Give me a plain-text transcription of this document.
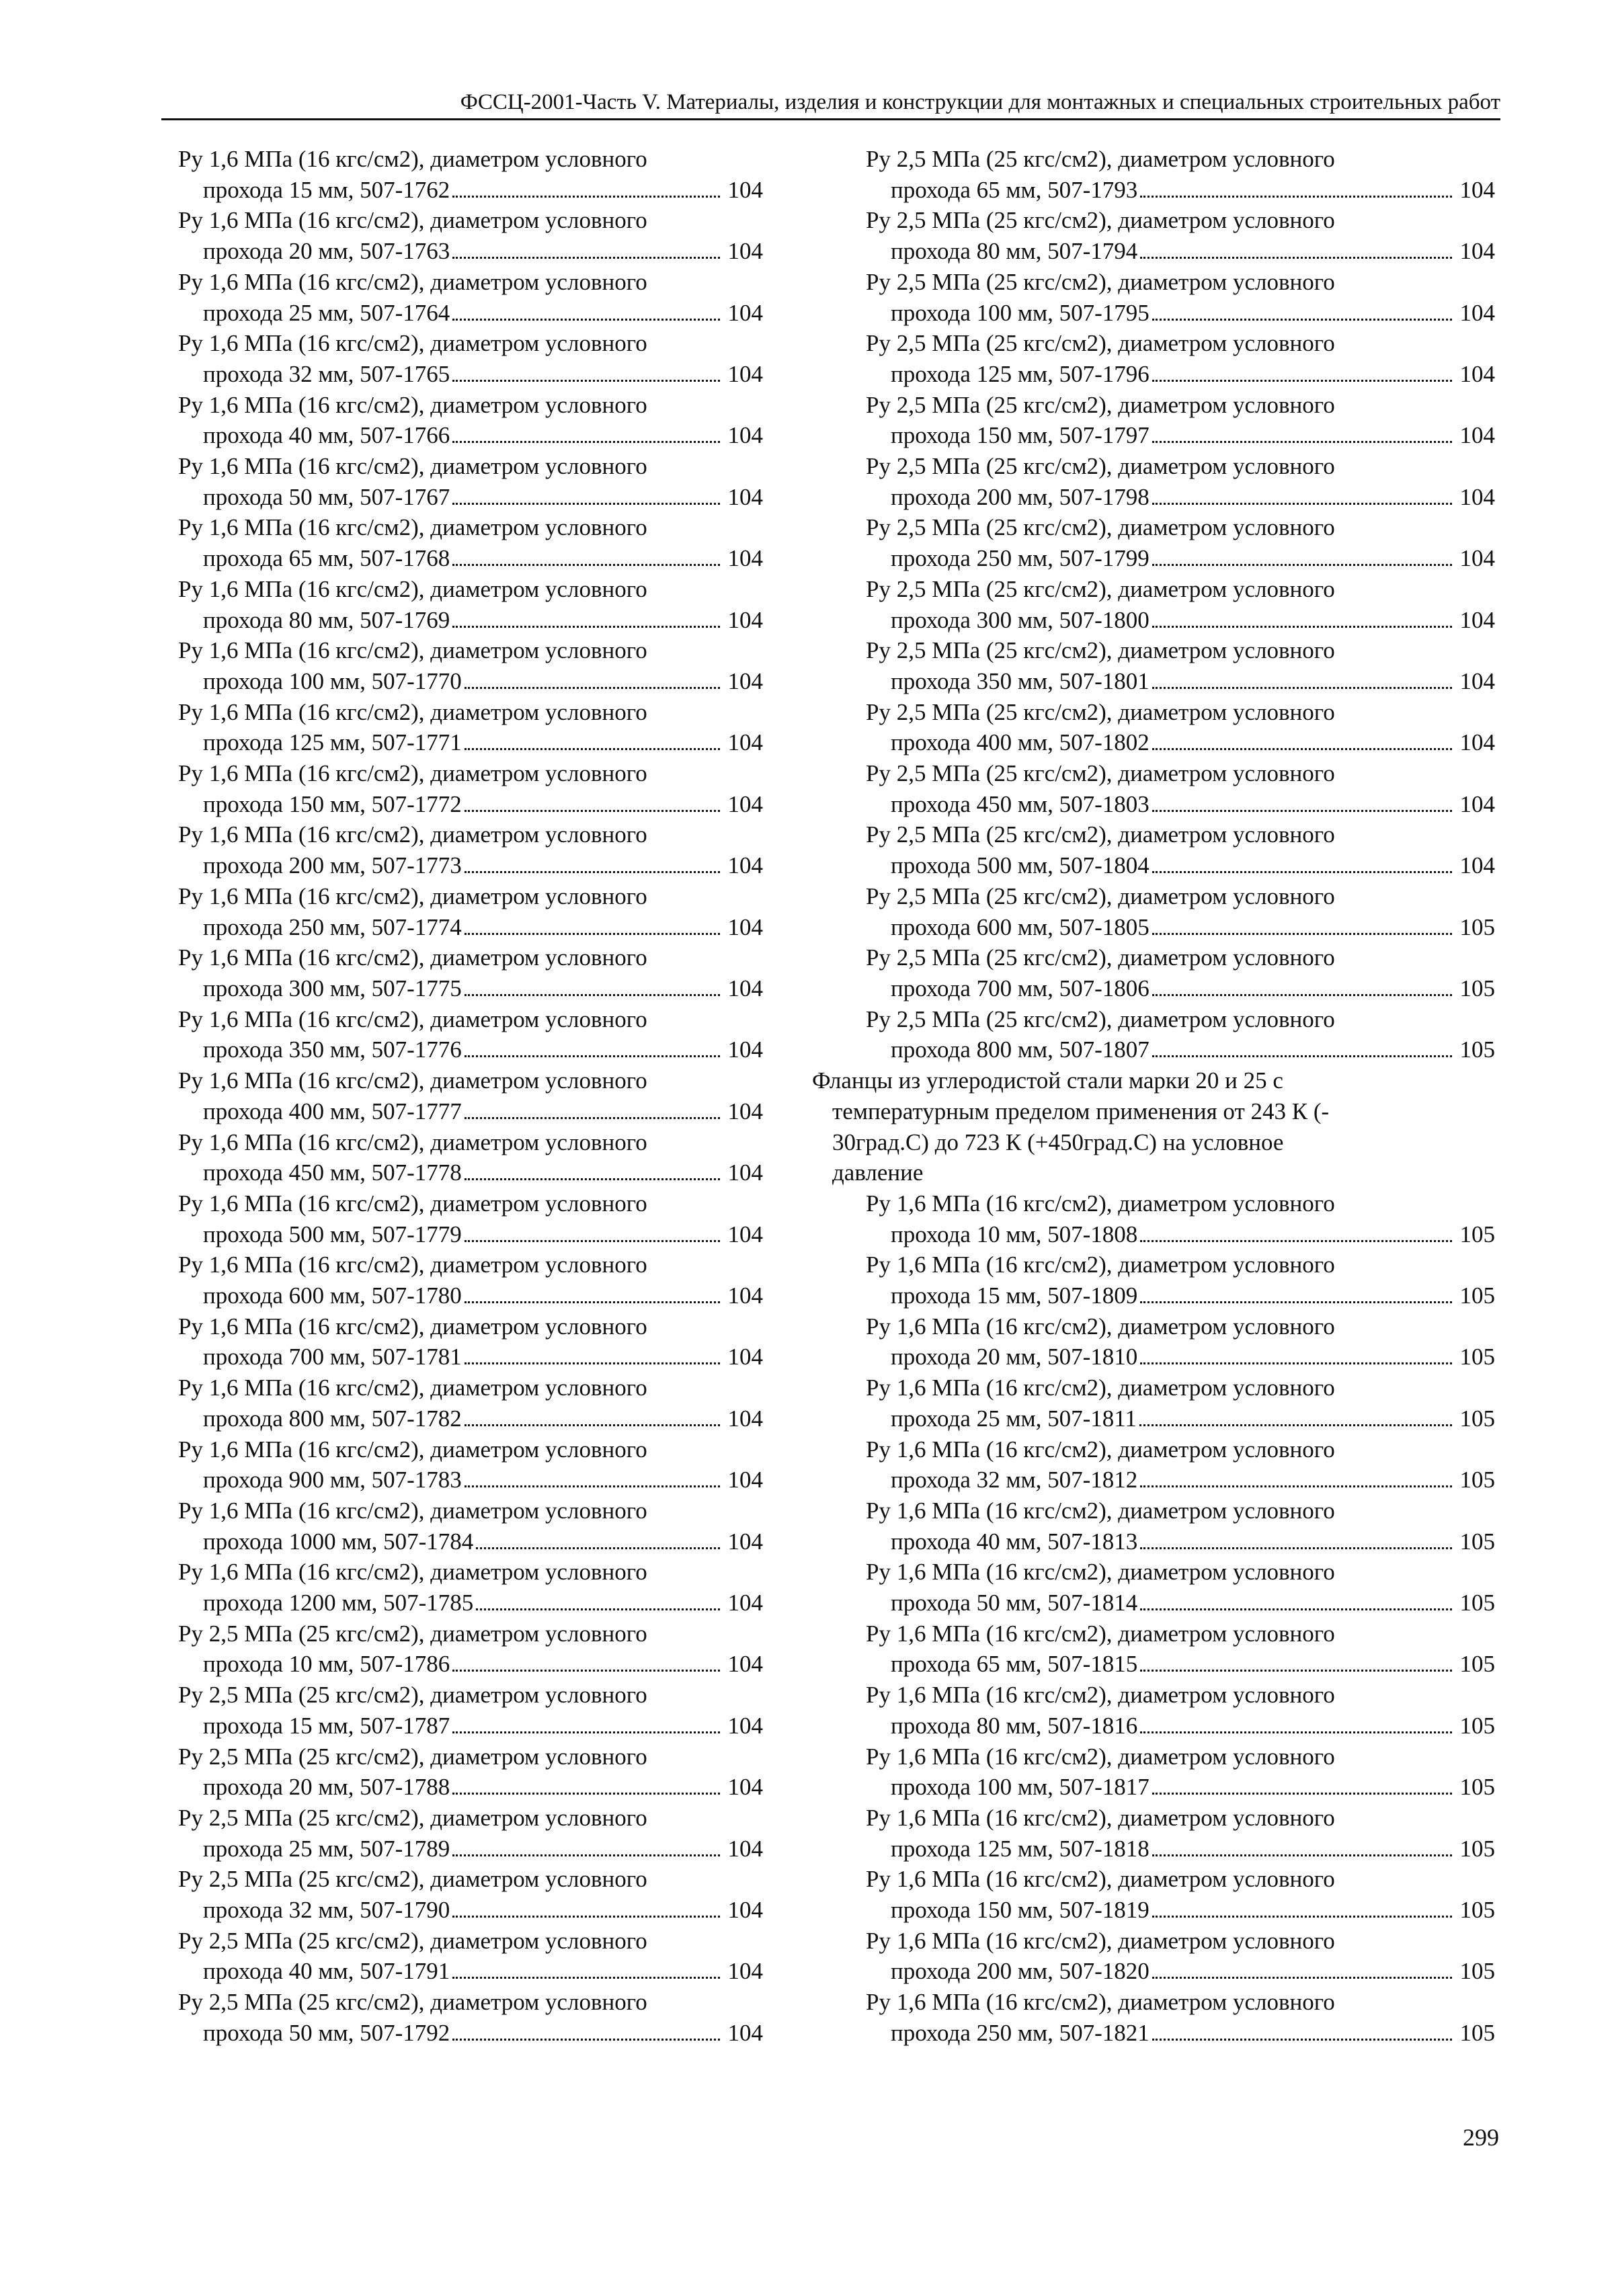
ФССЦ-2001-Часть V. Материалы, изделия и конструкции для монтажных и специальных строительных работ
Ру 1,6 МПа (16 кгс/см2), диаметром условного
прохода 15 мм, 507-1762	104
Ру 1,6 МПа (16 кгс/см2), диаметром условного
прохода 20 мм, 507-1763	104
Ру 1,6 МПа (16 кгс/см2), диаметром условного
прохода 25 мм, 507-1764	104
Ру 1,6 МПа (16 кгс/см2), диаметром условного
прохода 32 мм, 507-1765	104
Ру 1,6 МПа (16 кгс/см2), диаметром условного
прохода 40 мм, 507-1766	104
Ру 1,6 МПа (16 кгс/см2), диаметром условного
прохода 50 мм, 507-1767	104
Ру 1,6 МПа (16 кгс/см2), диаметром условного
прохода 65 мм, 507-1768	104
Ру 1,6 МПа (16 кгс/см2), диаметром условного
прохода 80 мм, 507-1769	104
Ру 1,6 МПа (16 кгс/см2), диаметром условного
прохода 100 мм, 507-1770	104
Ру 1,6 МПа (16 кгс/см2), диаметром условного
прохода 125 мм, 507-1771	104
Ру 1,6 МПа (16 кгс/см2), диаметром условного
прохода 150 мм, 507-1772	104
Ру 1,6 МПа (16 кгс/см2), диаметром условного
прохода 200 мм, 507-1773	104
Ру 1,6 МПа (16 кгс/см2), диаметром условного
прохода 250 мм, 507-1774	104
Ру 1,6 МПа (16 кгс/см2), диаметром условного
прохода 300 мм, 507-1775	104
Ру 1,6 МПа (16 кгс/см2), диаметром условного
прохода 350 мм, 507-1776	104
Ру 1,6 МПа (16 кгс/см2), диаметром условного
прохода 400 мм, 507-1777	104
Ру 1,6 МПа (16 кгс/см2), диаметром условного
прохода 450 мм, 507-1778	104
Ру 1,6 МПа (16 кгс/см2), диаметром условного
прохода 500 мм, 507-1779	104
Ру 1,6 МПа (16 кгс/см2), диаметром условного
прохода 600 мм, 507-1780	104
Ру 1,6 МПа (16 кгс/см2), диаметром условного
прохода 700 мм, 507-1781	104
Ру 1,6 МПа (16 кгс/см2), диаметром условного
прохода 800 мм, 507-1782	104
Ру 1,6 МПа (16 кгс/см2), диаметром условного
прохода 900 мм, 507-1783	104
Ру 1,6 МПа (16 кгс/см2), диаметром условного
прохода 1000 мм, 507-1784	104
Ру 1,6 МПа (16 кгс/см2), диаметром условного
прохода 1200 мм, 507-1785	104
Ру 2,5 МПа (25 кгс/см2), диаметром условного
прохода 10 мм, 507-1786	104
Ру 2,5 МПа (25 кгс/см2), диаметром условного
прохода 15 мм, 507-1787	104
Ру 2,5 МПа (25 кгс/см2), диаметром условного
прохода 20 мм, 507-1788	104
Ру 2,5 МПа (25 кгс/см2), диаметром условного
прохода 25 мм, 507-1789	104
Ру 2,5 МПа (25 кгс/см2), диаметром условного
прохода 32 мм, 507-1790	104
Ру 2,5 МПа (25 кгс/см2), диаметром условного
прохода 40 мм, 507-1791	104
Ру 2,5 МПа (25 кгс/см2), диаметром условного
прохода 50 мм, 507-1792	104
Ру 2,5 МПа (25 кгс/см2), диаметром условного
прохода 65 мм, 507-1793	104
Ру 2,5 МПа (25 кгс/см2), диаметром условного
прохода 80 мм, 507-1794	104
Ру 2,5 МПа (25 кгс/см2), диаметром условного
прохода 100 мм, 507-1795	104
Ру 2,5 МПа (25 кгс/см2), диаметром условного
прохода 125 мм, 507-1796	104
Ру 2,5 МПа (25 кгс/см2), диаметром условного
прохода 150 мм, 507-1797	104
Ру 2,5 МПа (25 кгс/см2), диаметром условного
прохода 200 мм, 507-1798	104
Ру 2,5 МПа (25 кгс/см2), диаметром условного
прохода 250 мм, 507-1799	104
Ру 2,5 МПа (25 кгс/см2), диаметром условного
прохода 300 мм, 507-1800	104
Ру 2,5 МПа (25 кгс/см2), диаметром условного
прохода 350 мм, 507-1801	104
Ру 2,5 МПа (25 кгс/см2), диаметром условного
прохода 400 мм, 507-1802	104
Ру 2,5 МПа (25 кгс/см2), диаметром условного
прохода 450 мм, 507-1803	104
Ру 2,5 МПа (25 кгс/см2), диаметром условного
прохода 500 мм, 507-1804	104
Ру 2,5 МПа (25 кгс/см2), диаметром условного
прохода 600 мм, 507-1805	105
Ру 2,5 МПа (25 кгс/см2), диаметром условного
прохода 700 мм, 507-1806	105
Ру 2,5 МПа (25 кгс/см2), диаметром условного
прохода 800 мм, 507-1807	105
Фланцы из углеродистой стали марки 20 и 25 с
температурным пределом применения от 243 К (-
30град.С) до 723 К (+450град.С) на условное
давление
Ру 1,6 МПа (16 кгс/см2), диаметром условного
прохода 10 мм, 507-1808	105
Ру 1,6 МПа (16 кгс/см2), диаметром условного
прохода 15 мм, 507-1809	105
Ру 1,6 МПа (16 кгс/см2), диаметром условного
прохода 20 мм, 507-1810	105
Ру 1,6 МПа (16 кгс/см2), диаметром условного
прохода 25 мм, 507-1811	105
Ру 1,6 МПа (16 кгс/см2), диаметром условного
прохода 32 мм, 507-1812	105
Ру 1,6 МПа (16 кгс/см2), диаметром условного
прохода 40 мм, 507-1813	105
Ру 1,6 МПа (16 кгс/см2), диаметром условного
прохода 50 мм, 507-1814	105
Ру 1,6 МПа (16 кгс/см2), диаметром условного
прохода 65 мм, 507-1815	105
Ру 1,6 МПа (16 кгс/см2), диаметром условного
прохода 80 мм, 507-1816	105
Ру 1,6 МПа (16 кгс/см2), диаметром условного
прохода 100 мм, 507-1817	105
Ру 1,6 МПа (16 кгс/см2), диаметром условного
прохода 125 мм, 507-1818	105
Ру 1,6 МПа (16 кгс/см2), диаметром условного
прохода 150 мм, 507-1819	105
Ру 1,6 МПа (16 кгс/см2), диаметром условного
прохода 200 мм, 507-1820	105
Ру 1,6 МПа (16 кгс/см2), диаметром условного
прохода 250 мм, 507-1821	105
299
